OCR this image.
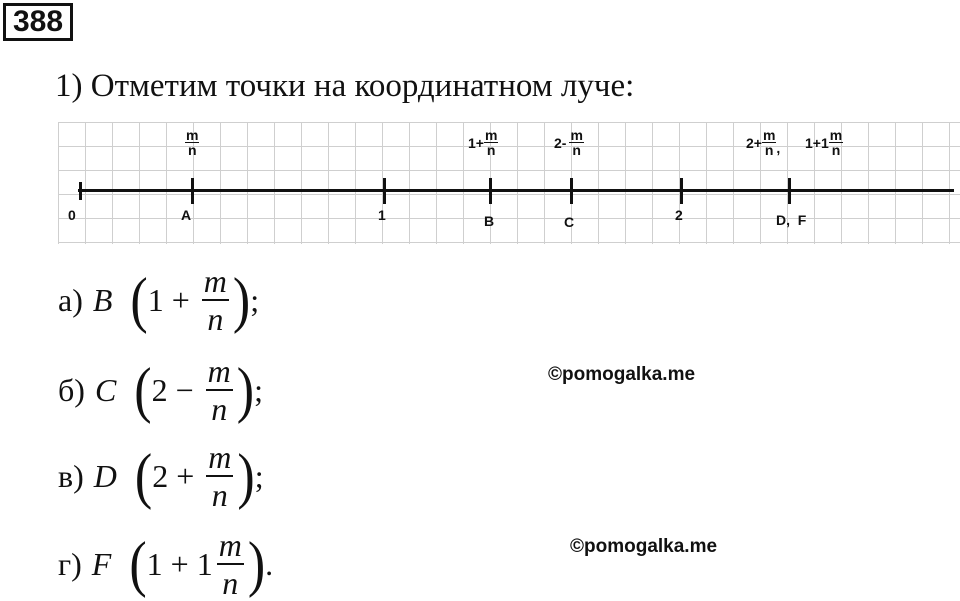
388
1) Отметим точки на координатном луче:
0	A	1	B	C	2	D,  F
$\frac{m}{n}$	$1+ \frac{m}{n}$	$2- \frac{m}{n}$	$2+ \frac{m}{n}$ , $1+1 \frac{m}{n}$
а) B ( $1 + \frac{m}{n}$ ) ;
б) C ( $2 - \frac{m}{n}$ ) ;
в) D ( $2 + \frac{m}{n}$ ) ;
г) F ( $1 + 1 \frac{m}{n}$ ) .
©pomogalka.me
©pomogalka.me
